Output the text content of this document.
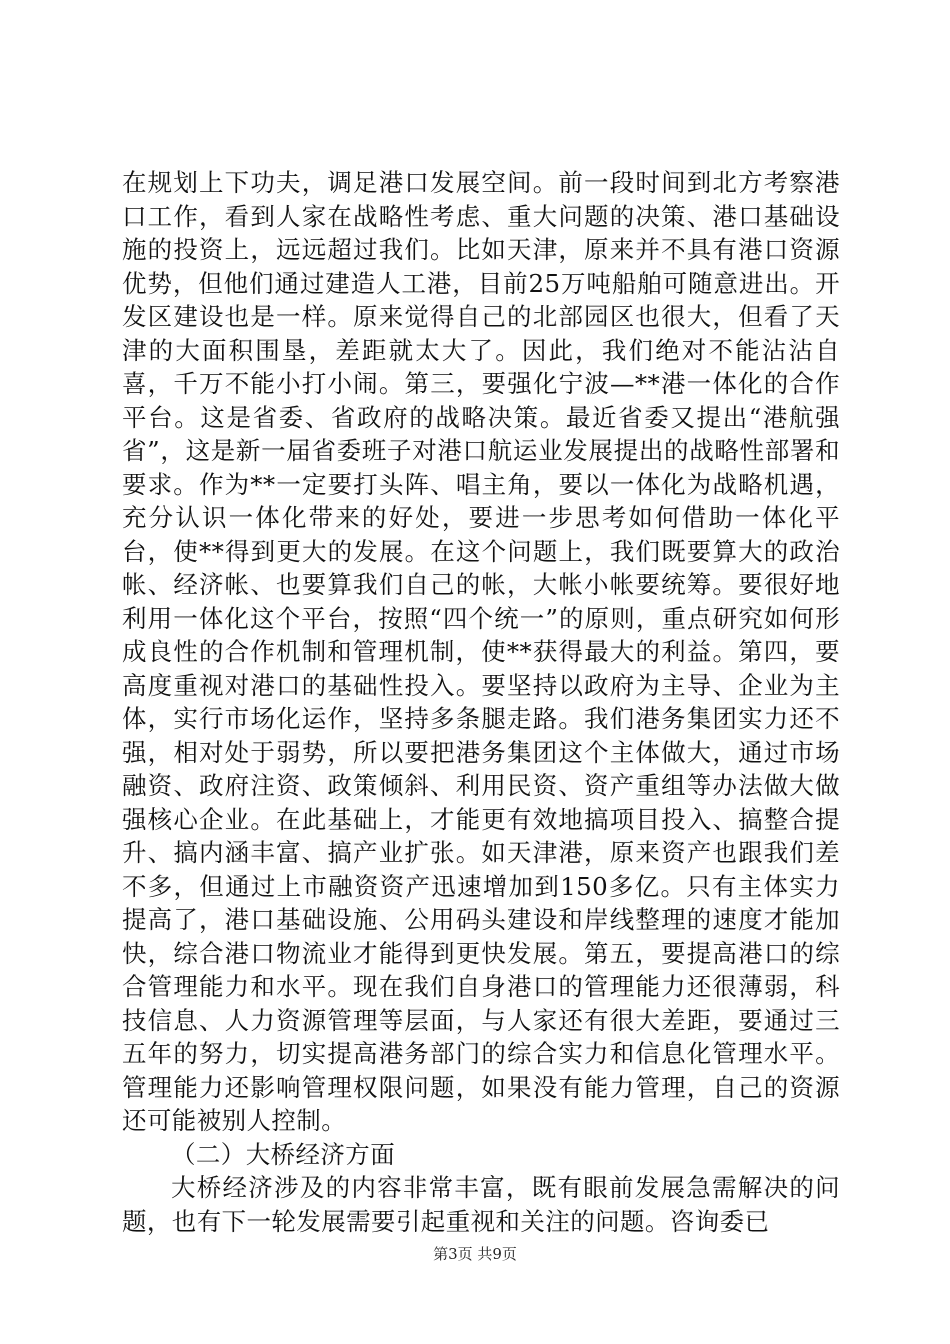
在规划上下功夫，调足港口发展空间。前一段时间到北方考察港口工作，看到人家在战略性考虑、重大问题的决策、港口基础设施的投资上，远远超过我们。比如天津，原来并不具有港口资源优势，但他们通过建造人工港，目前25万吨船舶可随意进出。开发区建设也是一样。原来觉得自己的北部园区也很大，但看了天津的大面积围垦，差距就太大了。因此，我们绝对不能沾沾自喜，千万不能小打小闹。第三，要强化宁波—**港一体化的合作平台。这是省委、省政府的战略决策。最近省委又提出“港航强省”，这是新一届省委班子对港口航运业发展提出的战略性部署和要求。作为**一定要打头阵、唱主角，要以一体化为战略机遇，充分认识一体化带来的好处，要进一步思考如何借助一体化平台，使**得到更大的发展。在这个问题上，我们既要算大的政治帐、经济帐、也要算我们自己的帐，大帐小帐要统筹。要很好地利用一体化这个平台，按照“四个统一”的原则，重点研究如何形成良性的合作机制和管理机制，使**获得最大的利益。第四，要高度重视对港口的基础性投入。要坚持以政府为主导、企业为主体，实行市场化运作，坚持多条腿走路。我们港务集团实力还不强，相对处于弱势，所以要把港务集团这个主体做大，通过市场融资、政府注资、政策倾斜、利用民资、资产重组等办法做大做强核心企业。在此基础上，才能更有效地搞项目投入、搞整合提升、搞内涵丰富、搞产业扩张。如天津港，原来资产也跟我们差不多，但通过上市融资资产迅速增加到150多亿。只有主体实力提高了，港口基础设施、公用码头建设和岸线整理的速度才能加快，综合港口物流业才能得到更快发展。第五，要提高港口的综合管理能力和水平。现在我们自身港口的管理能力还很薄弱，科技信息、人力资源管理等层面，与人家还有很大差距，要通过三五年的努力，切实提高港务部门的综合实力和信息化管理水平。管理能力还影响管理权限问题，如果没有能力管理，自己的资源还可能被别人控制。

（二）大桥经济方面

大桥经济涉及的内容非常丰富，既有眼前发展急需解决的问题，也有下一轮发展需要引起重视和关注的问题。咨询委已

第3页 共9页
